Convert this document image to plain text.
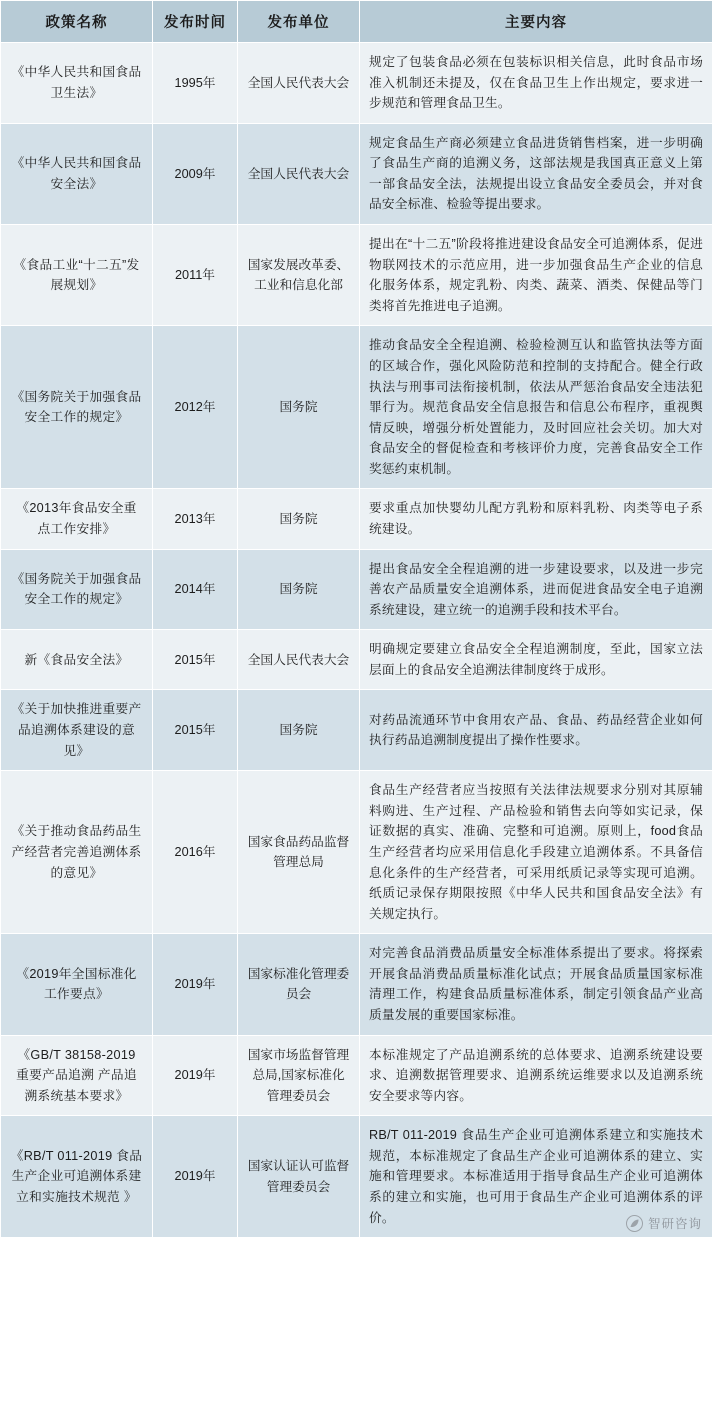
政策名称	发布时间	发布单位	主要内容
《中华人民共和国食品卫生法》	1995年	全国人民代表大会	规定了包装食品必须在包装标识相关信息，此时食品市场准入机制还未提及，仅在食品卫生上作出规定，要求进一步规范和管理食品卫生。
《中华人民共和国食品安全法》	2009年	全国人民代表大会	规定食品生产商必须建立食品进货销售档案，进一步明确了食品生产商的追溯义务，这部法规是我国真正意义上第一部食品安全法，法规提出设立食品安全委员会，并对食品安全标准、检验等提出要求。
《食品工业“十二五”发展规划》	2011年	国家发展改革委、工业和信息化部	提出在“十二五”阶段将推进建设食品安全可追溯体系，促进物联网技术的示范应用，进一步加强食品生产企业的信息化服务体系，规定乳粉、肉类、蔬菜、酒类、保健品等门类将首先推进电子追溯。
《国务院关于加强食品安全工作的规定》	2012年	国务院	推动食品安全全程追溯、检验检测互认和监管执法等方面的区域合作，强化风险防范和控制的支持配合。健全行政执法与刑事司法衔接机制，依法从严惩治食品安全违法犯罪行为。规范食品安全信息报告和信息公布程序，重视舆情反映，增强分析处置能力，及时回应社会关切。加大对食品安全的督促检查和考核评价力度，完善食品安全工作奖惩约束机制。
《2013年食品安全重点工作安排》	2013年	国务院	要求重点加快婴幼儿配方乳粉和原料乳粉、肉类等电子系统建设。
《国务院关于加强食品安全工作的规定》	2014年	国务院	提出食品安全全程追溯的进一步建设要求，以及进一步完善农产品质量安全追溯体系，进而促进食品安全电子追溯系统建设，建立统一的追溯手段和技术平台。
新《食品安全法》	2015年	全国人民代表大会	明确规定要建立食品安全全程追溯制度，至此，国家立法层面上的食品安全追溯法律制度终于成形。
《关于加快推进重要产品追溯体系建设的意见》	2015年	国务院	对药品流通环节中食用农产品、食品、药品经营企业如何执行药品追溯制度提出了操作性要求。
《关于推动食品药品生产经营者完善追溯体系的意见》	2016年	国家食品药品监督管理总局	食品生产经营者应当按照有关法律法规要求分别对其原辅料购进、生产过程、产品检验和销售去向等如实记录，保证数据的真实、准确、完整和可追溯。原则上，food食品生产经营者均应采用信息化手段建立追溯体系。不具备信息化条件的生产经营者，可采用纸质记录等实现可追溯。纸质记录保存期限按照《中华人民共和国食品安全法》有关规定执行。
《2019年全国标准化工作要点》	2019年	国家标准化管理委员会	对完善食品消费品质量安全标准体系提出了要求。将探索开展食品消费品质量标准化试点；开展食品质量国家标准清理工作，构建食品质量标准体系，制定引领食品产业高质量发展的重要国家标准。
《GB/T 38158-2019 重要产品追溯 产品追溯系统基本要求》	2019年	国家市场监督管理总局,国家标准化管理委员会	本标准规定了产品追溯系统的总体要求、追溯系统建设要求、追溯数据管理要求、追溯系统运维要求以及追溯系统安全要求等内容。
《RB/T 011-2019 食品生产企业可追溯体系建立和实施技术规范 》	2019年	国家认证认可监督管理委员会	RB/T 011-2019 食品生产企业可追溯体系建立和实施技术规范，本标准规定了食品生产企业可追溯体系的建立、实施和管理要求。本标准适用于指导食品生产企业可追溯体系的建立和实施，也可用于食品生产企业可追溯体系的评价。	智研咨询
